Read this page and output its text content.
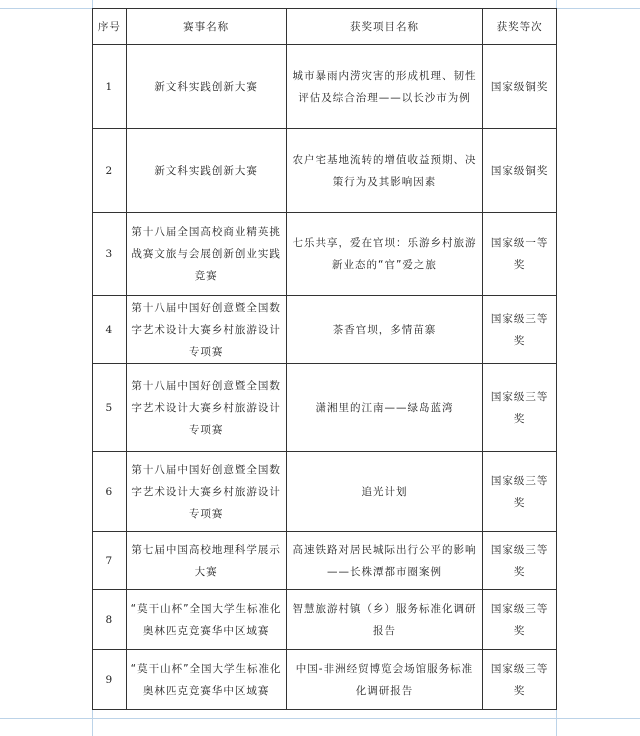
序号	赛事名称	获奖项目名称	获奖等次
1	新文科实践创新大赛	城市暴雨内涝灾害的形成机理、韧性评估及综合治理——以长沙市为例	国家级铜奖
2	新文科实践创新大赛	农户宅基地流转的增值收益预期、决策行为及其影响因素	国家级铜奖
3	第十八届全国高校商业精英挑战赛文旅与会展创新创业实践竞赛	七乐共享，爱在官坝：乐游乡村旅游新业态的“官”爱之旅	国家级一等奖
4	第十八届中国好创意暨全国数字艺术设计大赛乡村旅游设计专项赛	茶香官坝，多情苗寨	国家级三等奖
5	第十八届中国好创意暨全国数字艺术设计大赛乡村旅游设计专项赛	潇湘里的江南——绿岛蓝湾	国家级三等奖
6	第十八届中国好创意暨全国数字艺术设计大赛乡村旅游设计专项赛	追光计划	国家级三等奖
7	第七届中国高校地理科学展示大赛	高速铁路对居民城际出行公平的影响——长株潭都市圈案例	国家级三等奖
8	“莫干山杯”全国大学生标准化奥林匹克竞赛华中区域赛	智慧旅游村镇（乡）服务标准化调研报告	国家级三等奖
9	“莫干山杯”全国大学生标准化奥林匹克竞赛华中区域赛	中国-非洲经贸博览会场馆服务标准化调研报告	国家级三等奖
